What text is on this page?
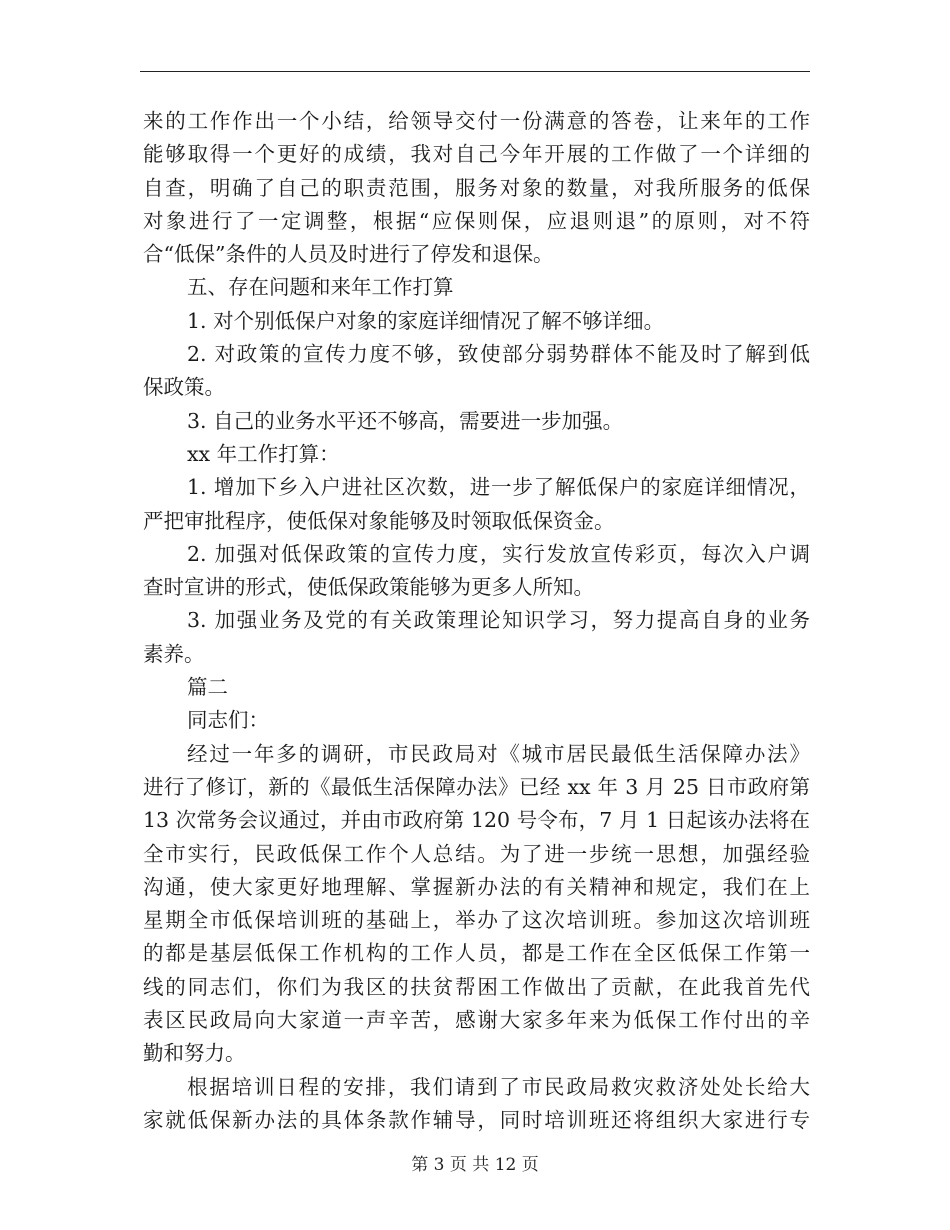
来的工作作出一个小结，给领导交付一份满意的答卷，让来年的工作
能够取得一个更好的成绩，我对自己今年开展的工作做了一个详细的
自查，明确了自己的职责范围，服务对象的数量，对我所服务的低保
对象进行了一定调整，根据“应保则保，应退则退”的原则，对不符
合“低保”条件的人员及时进行了停发和退保。
五、存在问题和来年工作打算
1. 对个别低保户对象的家庭详细情况了解不够详细。
2. 对政策的宣传力度不够，致使部分弱势群体不能及时了解到低
保政策。
3. 自己的业务水平还不够高，需要进一步加强。
xx 年工作打算：
1. 增加下乡入户进社区次数，进一步了解低保户的家庭详细情况，
严把审批程序，使低保对象能够及时领取低保资金。
2. 加强对低保政策的宣传力度，实行发放宣传彩页，每次入户调
查时宣讲的形式，使低保政策能够为更多人所知。
3. 加强业务及党的有关政策理论知识学习，努力提高自身的业务
素养。
篇二
同志们：
经过一年多的调研，市民政局对《城市居民最低生活保障办法》
进行了修订，新的《最低生活保障办法》已经 xx 年 3 月 25 日市政府第
13 次常务会议通过，并由市政府第 120 号令布，7 月 1 日起该办法将在
全市实行，民政低保工作个人总结。为了进一步统一思想，加强经验
沟通，使大家更好地理解、掌握新办法的有关精神和规定，我们在上
星期全市低保培训班的基础上，举办了这次培训班。参加这次培训班
的都是基层低保工作机构的工作人员，都是工作在全区低保工作第一
线的同志们，你们为我区的扶贫帮困工作做出了贡献，在此我首先代
表区民政局向大家道一声辛苦，感谢大家多年来为低保工作付出的辛
勤和努力。
根据培训日程的安排，我们请到了市民政局救灾救济处处长给大
家就低保新办法的具体条款作辅导，同时培训班还将组织大家进行专
第 3 页 共 12 页
